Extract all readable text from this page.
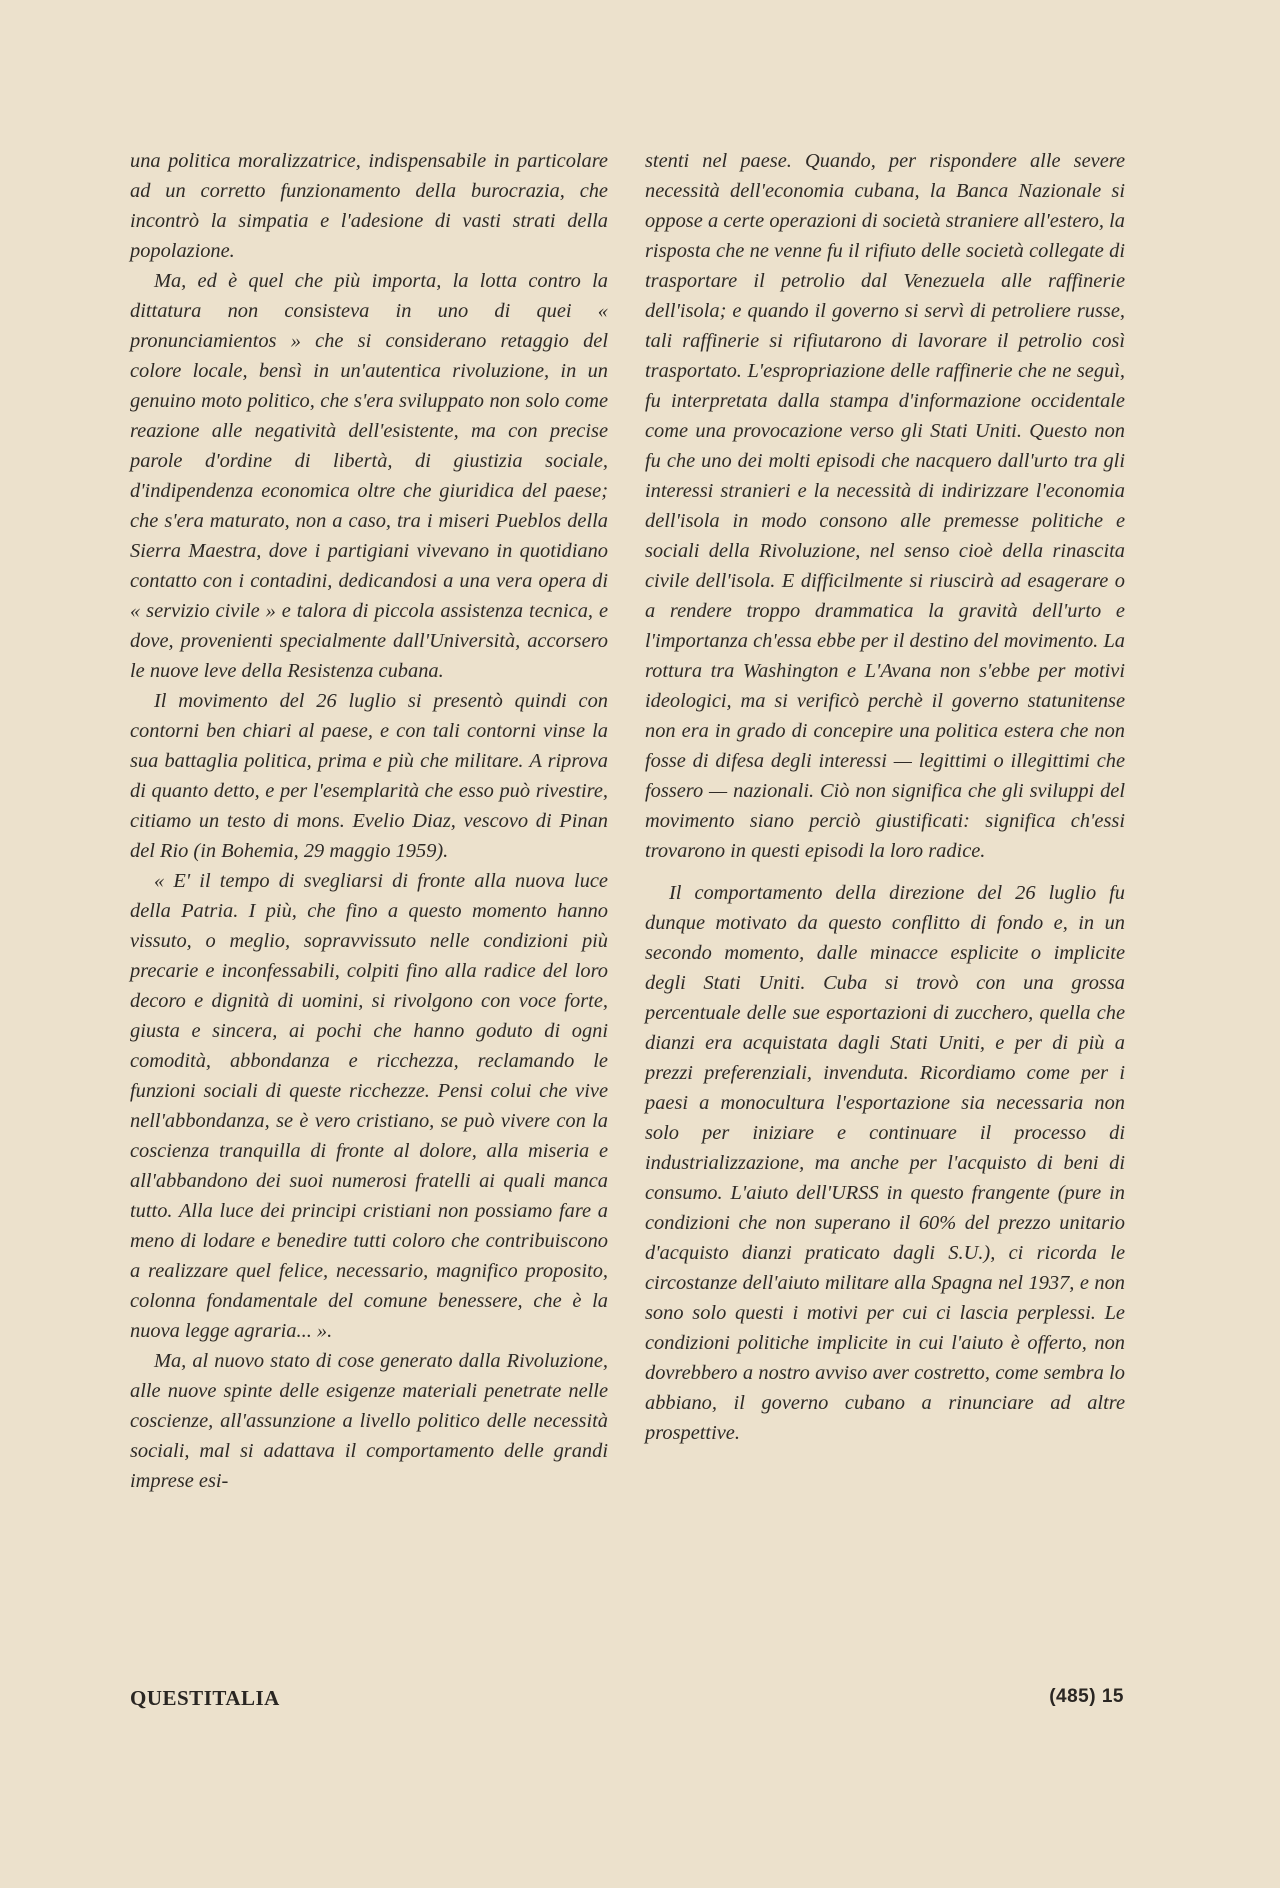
una politica moralizzatrice, indispensabile in particolare ad un corretto funzionamento della burocrazia, che incontrò la simpatia e l'adesione di vasti strati della popolazione.

Ma, ed è quel che più importa, la lotta contro la dittatura non consisteva in uno di quei « pronunciamientos » che si considerano retaggio del colore locale, bensì in un'autentica rivoluzione, in un genuino moto politico, che s'era sviluppato non solo come reazione alle negatività dell'esistente, ma con precise parole d'ordine di libertà, di giustizia sociale, d'indipendenza economica oltre che giuridica del paese; che s'era maturato, non a caso, tra i miseri Pueblos della Sierra Maestra, dove i partigiani vivevano in quotidiano contatto con i contadini, dedicandosi a una vera opera di « servizio civile » e talora di piccola assistenza tecnica, e dove, provenienti specialmente dall'Università, accorsero le nuove leve della Resistenza cubana.

Il movimento del 26 luglio si presentò quindi con contorni ben chiari al paese, e con tali contorni vinse la sua battaglia politica, prima e più che militare. A riprova di quanto detto, e per l'esemplarità che esso può rivestire, citiamo un testo di mons. Evelio Diaz, vescovo di Pinan del Rio (in Bohemia, 29 maggio 1959).

« E' il tempo di svegliarsi di fronte alla nuova luce della Patria. I più, che fino a questo momento hanno vissuto, o meglio, sopravvissuto nelle condizioni più precarie e inconfessabili, colpiti fino alla radice del loro decoro e dignità di uomini, si rivolgono con voce forte, giusta e sincera, ai pochi che hanno goduto di ogni comodità, abbondanza e ricchezza, reclamando le funzioni sociali di queste ricchezze. Pensi colui che vive nell'abbondanza, se è vero cristiano, se può vivere con la coscienza tranquilla di fronte al dolore, alla miseria e all'abbandono dei suoi numerosi fratelli ai quali manca tutto. Alla luce dei principi cristiani non possiamo fare a meno di lodare e benedire tutti coloro che contribuiscono a realizzare quel felice, necessario, magnifico proposito, colonna fondamentale del comune benessere, che è la nuova legge agraria... ».

Ma, al nuovo stato di cose generato dalla Rivoluzione, alle nuove spinte delle esigenze materiali penetrate nelle coscienze, all'assunzione a livello politico delle necessità sociali, mal si adattava il comportamento delle grandi imprese esi-

stenti nel paese. Quando, per rispondere alle severe necessità dell'economia cubana, la Banca Nazionale si oppose a certe operazioni di società straniere all'estero, la risposta che ne venne fu il rifiuto delle società collegate di trasportare il petrolio dal Venezuela alle raffinerie dell'isola; e quando il governo si servì di petroliere russe, tali raffinerie si rifiutarono di lavorare il petrolio così trasportato. L'espropriazione delle raffinerie che ne seguì, fu interpretata dalla stampa d'informazione occidentale come una provocazione verso gli Stati Uniti. Questo non fu che uno dei molti episodi che nacquero dall'urto tra gli interessi stranieri e la necessità di indirizzare l'economia dell'isola in modo consono alle premesse politiche e sociali della Rivoluzione, nel senso cioè della rinascita civile dell'isola. E difficilmente si riuscirà ad esagerare o a rendere troppo drammatica la gravità dell'urto e l'importanza ch'essa ebbe per il destino del movimento. La rottura tra Washington e L'Avana non s'ebbe per motivi ideologici, ma si verificò perchè il governo statunitense non era in grado di concepire una politica estera che non fosse di difesa degli interessi — legittimi o illegittimi che fossero — nazionali. Ciò non significa che gli sviluppi del movimento siano perciò giustificati: significa ch'essi trovarono in questi episodi la loro radice.

Il comportamento della direzione del 26 luglio fu dunque motivato da questo conflitto di fondo e, in un secondo momento, dalle minacce esplicite o implicite degli Stati Uniti. Cuba si trovò con una grossa percentuale delle sue esportazioni di zucchero, quella che dianzi era acquistata dagli Stati Uniti, e per di più a prezzi preferenziali, invenduta. Ricordiamo come per i paesi a monocultura l'esportazione sia necessaria non solo per iniziare e continuare il processo di industrializzazione, ma anche per l'acquisto di beni di consumo. L'aiuto dell'URSS in questo frangente (pure in condizioni che non superano il 60% del prezzo unitario d'acquisto dianzi praticato dagli S.U.), ci ricorda le circostanze dell'aiuto militare alla Spagna nel 1937, e non sono solo questi i motivi per cui ci lascia perplessi. Le condizioni politiche implicite in cui l'aiuto è offerto, non dovrebbero a nostro avviso aver costretto, come sembra lo abbiano, il governo cubano a rinunciare ad altre prospettive.

QUESTITALIA	(485) 15
